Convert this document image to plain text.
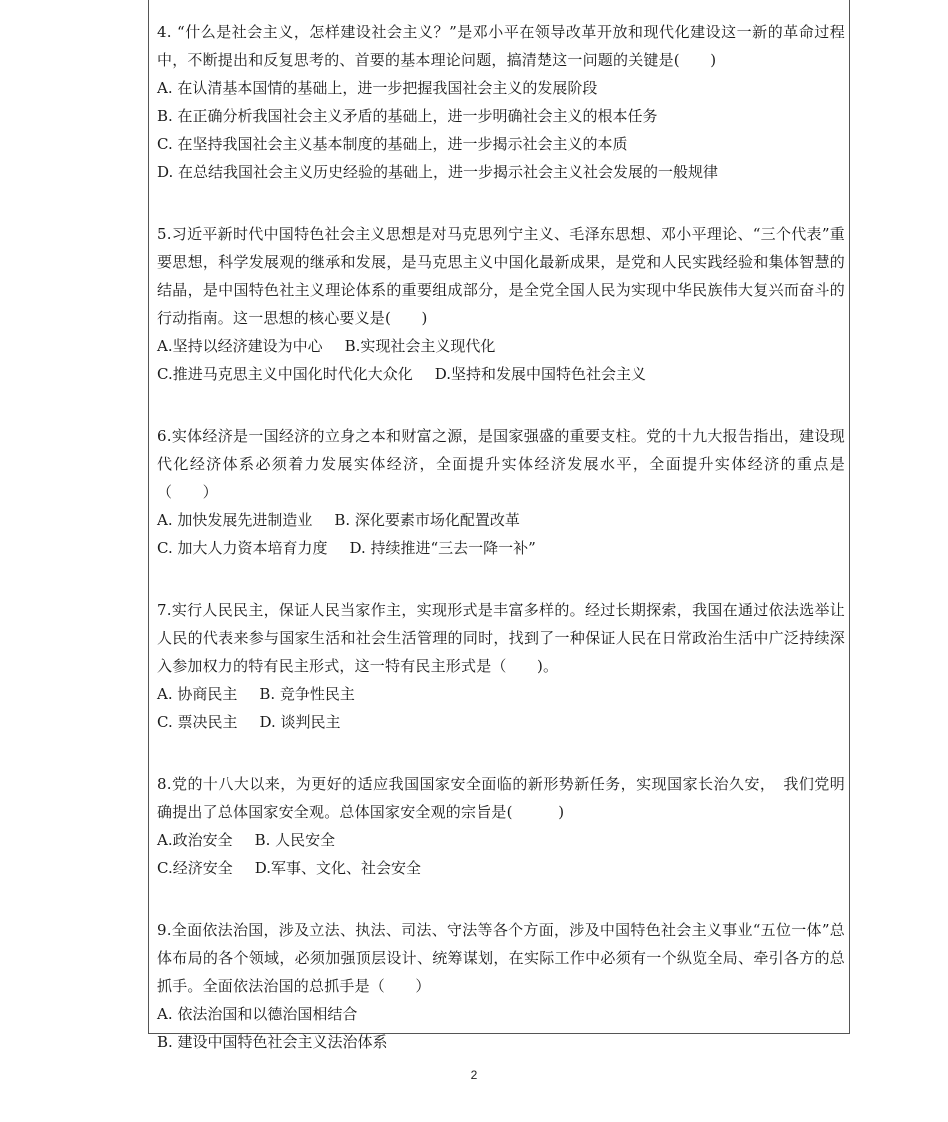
4. “什么是社会主义，怎样建设社会主义？”是邓小平在领导改革开放和现代化建设这一新的革命过程中，不断提出和反复思考的、首要的基本理论问题，搞清楚这一问题的关键是(　　)

A. 在认清基本国情的基础上，进一步把握我国社会主义的发展阶段
B. 在正确分析我国社会主义矛盾的基础上，进一步明确社会主义的根本任务
C. 在坚持我国社会主义基本制度的基础上，进一步揭示社会主义的本质
D. 在总结我国社会主义历史经验的基础上，进一步揭示社会主义社会发展的一般规律

5.习近平新时代中国特色社会主义思想是对马克思列宁主义、毛泽东思想、邓小平理论、“三个代表”重要思想，科学发展观的继承和发展，是马克思主义中国化最新成果，是党和人民实践经验和集体智慧的结晶，是中国特色社主义理论体系的重要组成部分，是全党全国人民为实现中华民族伟大复兴而奋斗的行动指南。这一思想的核心要义是(　　)

A.坚持以经济建设为中心 B.实现社会主义现代化
C.推进马克思主义中国化时代化大众化 D.坚持和发展中国特色社会主义

6.实体经济是一国经济的立身之本和财富之源，是国家强盛的重要支柱。党的十九大报告指出，建设现代化经济体系必须着力发展实体经济，全面提升实体经济发展水平，全面提升实体经济的重点是（　　）

A. 加快发展先进制造业 B. 深化要素市场化配置改革
C. 加大人力资本培育力度 D. 持续推进“三去一降一补”

7.实行人民民主，保证人民当家作主，实现形式是丰富多样的。经过长期探索，我国在通过依法选举让人民的代表来参与国家生活和社会生活管理的同时，找到了一种保证人民在日常政治生活中广泛持续深入参加权力的特有民主形式，这一特有民主形式是（　　)。

A. 协商民主 B. 竞争性民主
C. 票决民主 D. 谈判民主

8.党的十八大以来，为更好的适应我国国家安全面临的新形势新任务，实现国家长治久安，　我们党明确提出了总体国家安全观。总体国家安全观的宗旨是(　　　)

A.政治安全 B. 人民安全
C.经济安全 D.军事、文化、社会安全

9.全面依法治国，涉及立法、执法、司法、守法等各个方面，涉及中国特色社会主义事业“五位一体”总体布局的各个领域，必须加强顶层设计、统筹谋划，在实际工作中必须有一个纵览全局、牵引各方的总抓手。全面依法治国的总抓手是（　　）

A. 依法治国和以德治国相结合
B. 建设中国特色社会主义法治体系
2
